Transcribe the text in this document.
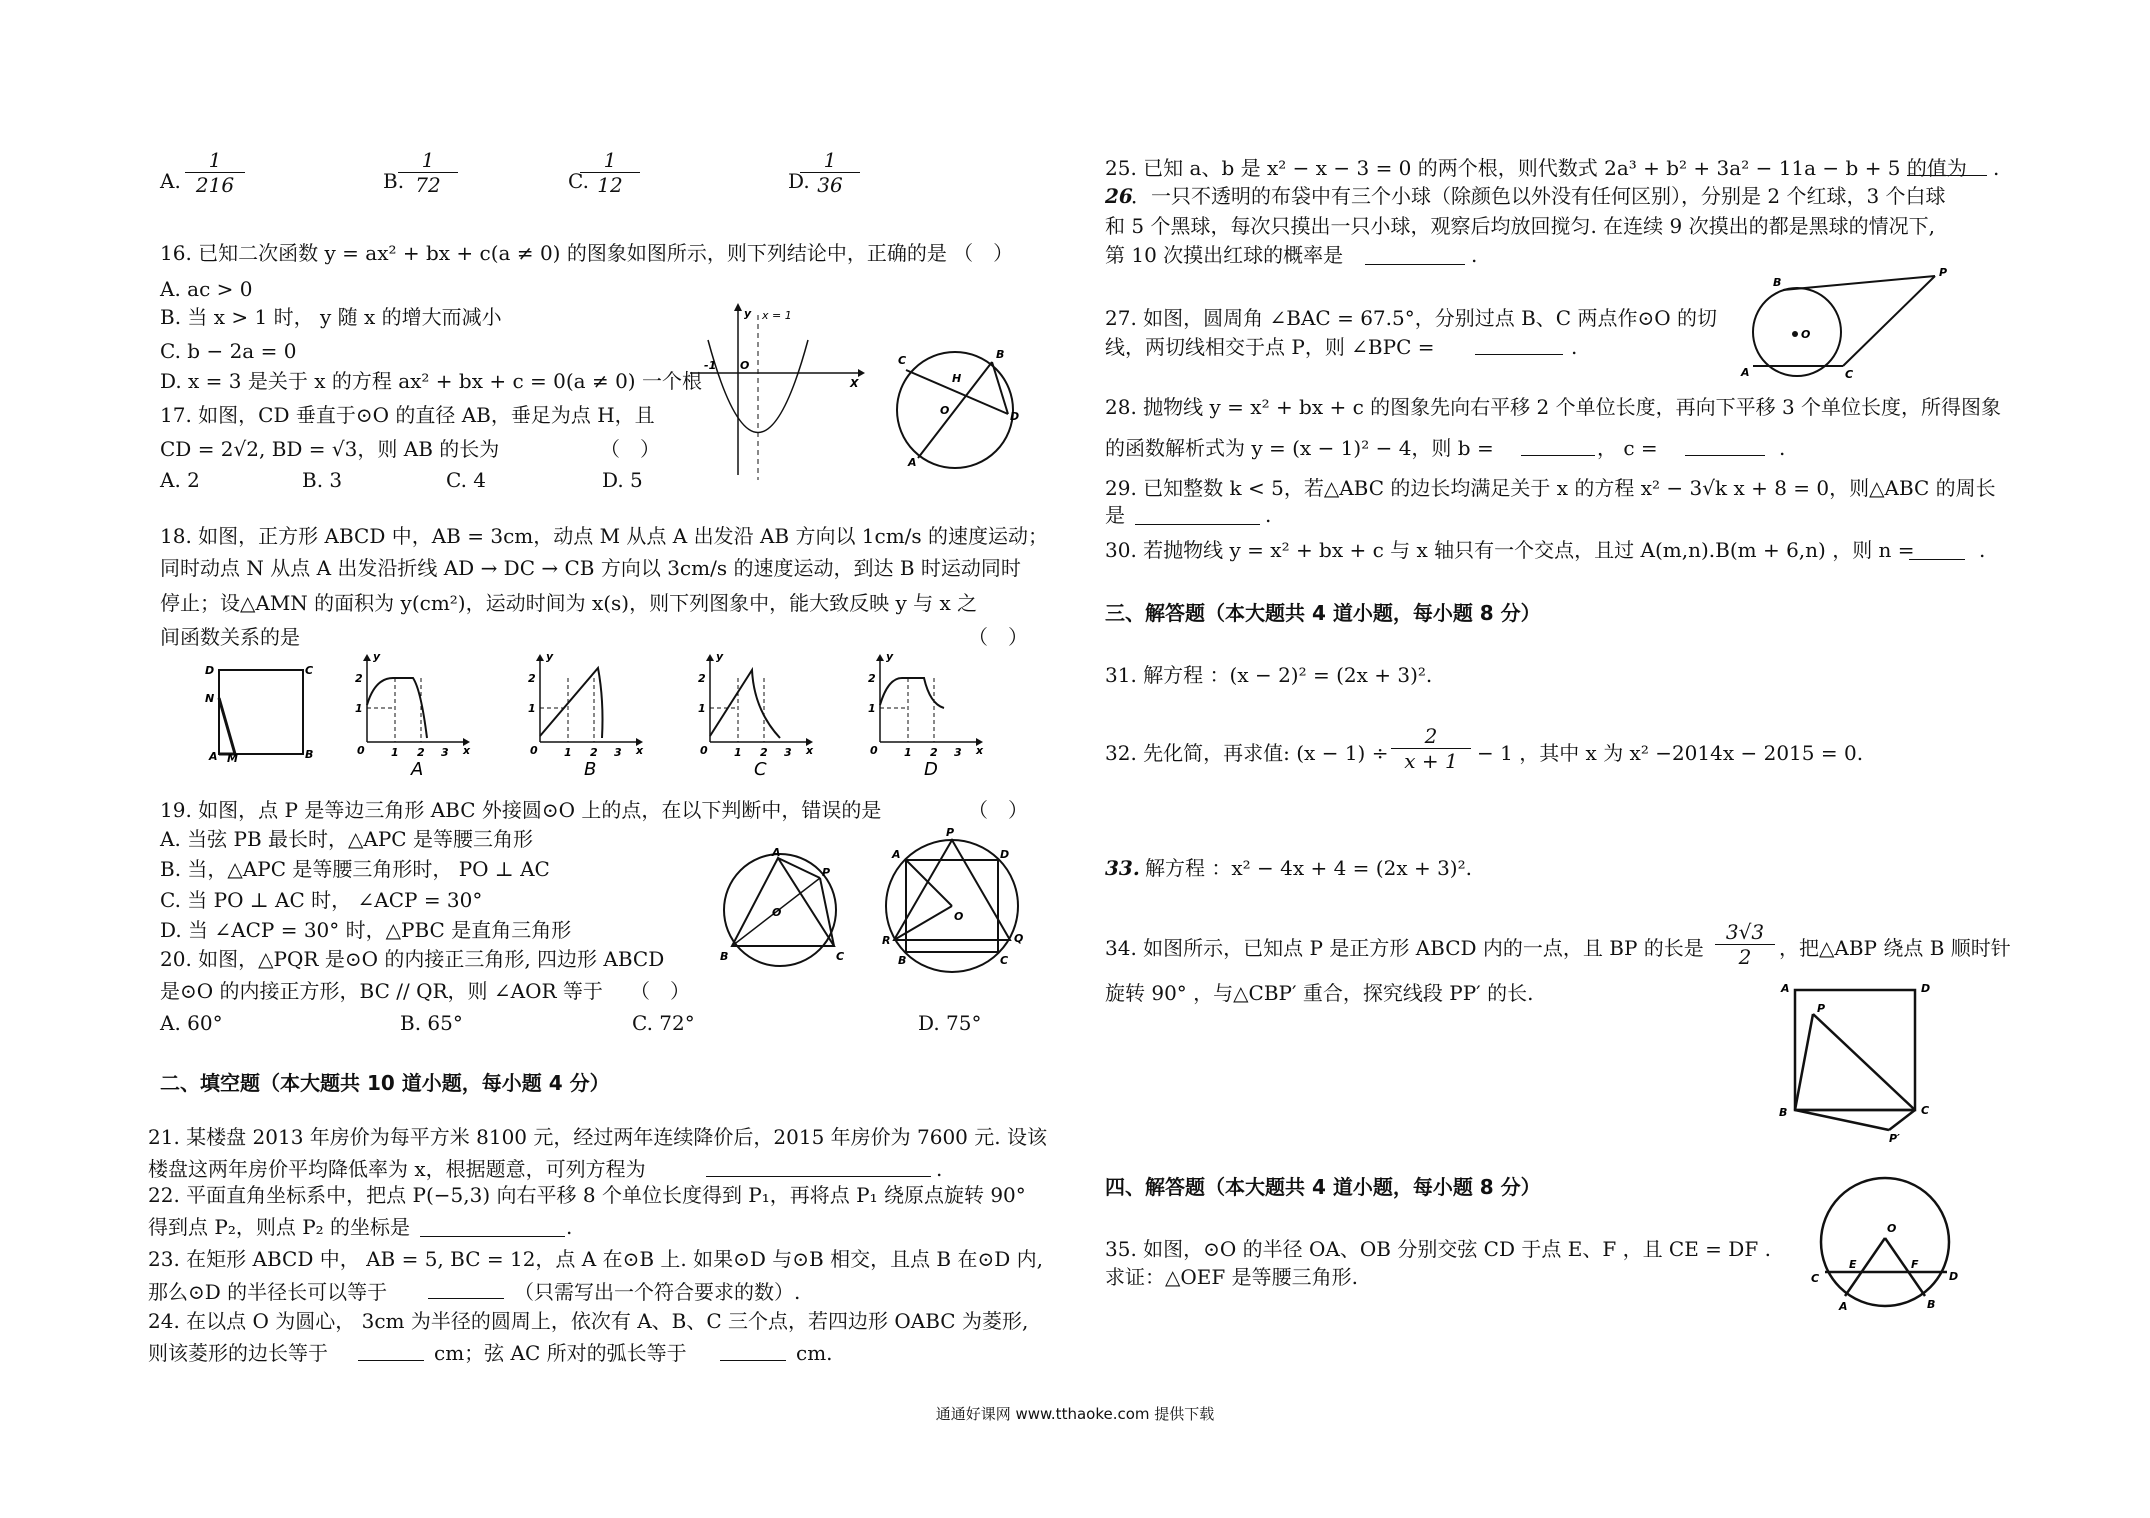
A. $\frac{1}{216}$	B.
$\frac{1}{72}$	C.
$\frac{1}{12}$	D.
$\frac{1}{36}$
16. 已知二次函数 y = ax² + bx + c(a ≠ 0) 的图象如图所示，则下列结论中，正确的是 （　）
A. ac > 0
B. 当 x > 1 时， y 随 x 的增大而减小
C. b − 2a = 0
D. x = 3 是关于 x 的方程 ax² + bx + c = 0(a ≠ 0) 一个根
y x = 1
-1 O
X
C	B
H
O	D
A
17. 如图，CD 垂直于⊙O 的直径 AB，垂足为点 H，且
CD = 2√2, BD = √3，则 AB 的长为	（　）
A. 2	B. 3	C. 4	D. 5
18. 如图，正方形 ABCD 中，AB = 3cm，动点 M 从点 A 出发沿 AB 方向以 1cm/s 的速度运动；
同时动点 N 从点 A 出发沿折线 AD → DC → CB 方向以 3cm/s 的速度运动，到达 B 时运动同时
停止；设△AMN 的面积为 y(cm²)，运动时间为 x(s)，则下列图象中，能大致反映 y 与 x 之
间函数关系的是	（　）
D	C
N
A M	B	0 1 2 3
1
2
x
y
A
0 1 2 3
1
2
x
y
B
0 1 2 3
1
2
x
y
C
0 1 2 3
1
2
x
y
D
19. 如图，点 P 是等边三角形 ABC 外接圆⊙O 上的点，在以下判断中，错误的是	（　）
A. 当弦 PB 最长时，△APC 是等腰三角形
B. 当，△APC 是等腰三角形时， PO ⊥ AC
C. 当 PO ⊥ AC 时， ∠ACP = 30°
D. 当 ∠ACP = 30° 时，△PBC 是直角三角形
A
P
O
B	C
P
A	D
O
R
B	C
Q
20. 如图，△PQR 是⊙O 的内接正三角形, 四边形 ABCD
是⊙O 的内接正方形，BC // QR，则 ∠AOR 等于 （　）
A. 60°	B. 65°	C. 72°	D. 75°
二、填空题（本大题共 10 道小题，每小题 4 分）
21. 某楼盘 2013 年房价为每平方米 8100 元，经过两年连续降价后，2015 年房价为 7600 元. 设该
楼盘这两年房价平均降低率为 x，根据题意，可列方程为	.
22. 平面直角坐标系中，把点 P(−5,3) 向右平移 8 个单位长度得到 P₁，再将点 P₁ 绕原点旋转 90°
得到点 P₂，则点 P₂ 的坐标是	.
23. 在矩形 ABCD 中， AB = 5, BC = 12，点 A 在⊙B 上. 如果⊙D 与⊙B 相交，且点 B 在⊙D 内,
那么⊙D 的半径长可以等于	（只需写出一个符合要求的数）.
24. 在以点 O 为圆心， 3cm 为半径的圆周上，依次有 A、B、C 三个点，若四边形 OABC 为菱形,
则该菱形的边长等于	cm；弦 AC 所对的弧长等于	cm.
25. 已知 a、b 是 x² − x − 3 = 0 的两个根，则代数式 2a³ + b² + 3a² − 11a − b + 5 的值为 .
26
．一只不透明的布袋中有三个小球（除颜色以外没有任何区别），分别是 2 个红球，3 个白球
和 5 个黑球，每次只摸出一只小球，观察后均放回搅匀. 在连续 9 次摸出的都是黑球的情况下,
第 10 次摸出红球的概率是	.
27. 如图，圆周角 ∠BAC = 67.5°，分别过点 B、C 两点作⊙O 的切
线，两切线相交于点 P，则 ∠BPC =	.
B
P
O
A	C
28. 抛物线 y = x² + bx + c 的图象先向右平移 2 个单位长度，再向下平移 3 个单位长度，所得图象
的函数解析式为 y = (x − 1)² − 4，则 b =	， c =	.
29. 已知整数 k < 5，若△ABC 的边长均满足关于 x 的方程 x² − 3√k x + 8 = 0，则△ABC 的周长
是	.
30. 若抛物线 y = x² + bx + c 与 x 轴只有一个交点，且过 A(m,n).B(m + 6,n) ，则 n =	.
三、解答题（本大题共 4 道小题，每小题 8 分）
31. 解方程 ：(x − 2)² = (2x + 3)².
32. 先化简，再求值: $(x - 1) \div \frac{2}{x + 1} - 1$ ，其中 x 为 x² −2014x − 2015 = 0.
33. 解方程 ：x² − 4x + 4 = (2x + 3)².
34. 如图所示，已知点 P 是正方形 ABCD 内的一点，且 BP 的长是 $\frac{3√3}{2}$ ，把△ABP 绕点 B 顺时针
旋转 90° ，与△CBP′ 重合，探究线段 PP′ 的长.	A	D
P
B	C
P′
四、解答题（本大题共 4 道小题，每小题 8 分）
35. 如图，⊙O 的半径 OA、OB 分别交弦 CD 于点 E、F ，且 CE = DF .
求证：△OEF 是等腰三角形.
O
E	F
C	D
A	B
通通好课网 www.tthaoke.com 提供下载
